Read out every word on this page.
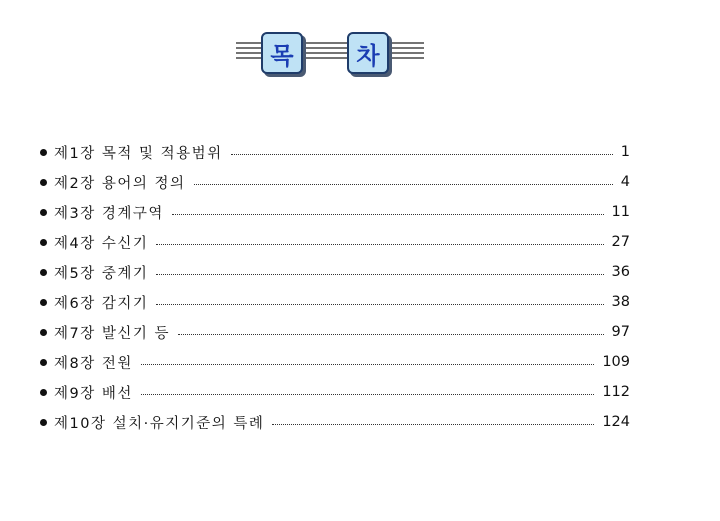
목	차
제1장 목적 및 적용범위	1
제2장 용어의 정의	4
제3장 경계구역	11
제4장 수신기	27
제5장 중계기	36
제6장 감지기	38
제7장 발신기 등	97
제8장 전원	109
제9장 배선	112
제10장 설치·유지기준의 특례	124
